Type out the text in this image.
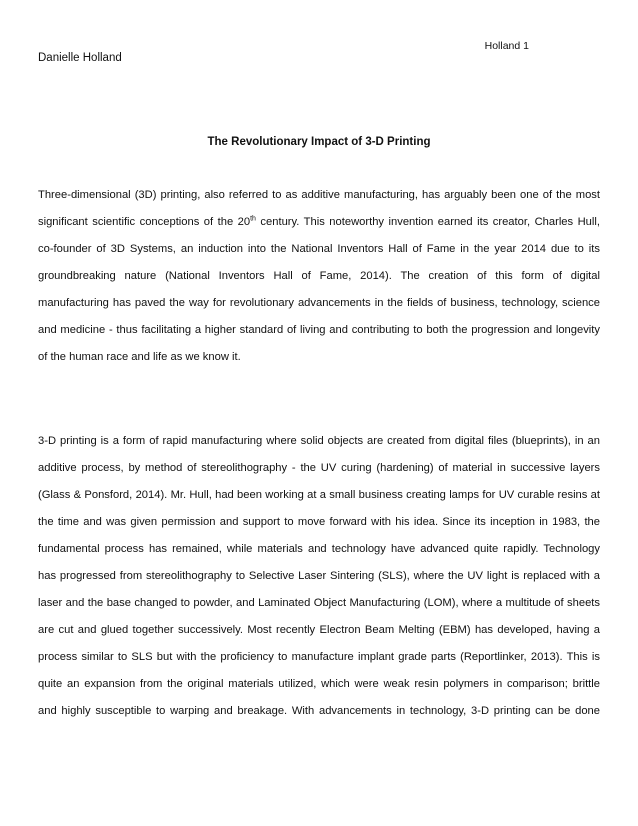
Holland 1
Danielle Holland
The Revolutionary Impact of 3-D Printing
Three-dimensional (3D) printing, also referred to as additive manufacturing, has arguably been one of the most
significant scientific conceptions of the 20th century. This noteworthy invention earned its creator, Charles Hull,
co-founder of 3D Systems, an induction into the National Inventors Hall of Fame in the year 2014 due to its
groundbreaking nature (National Inventors Hall of Fame, 2014). The creation of this form of digital
manufacturing has paved the way for revolutionary advancements in the fields of business, technology, science
and medicine - thus facilitating a higher standard of living and contributing to both the progression and longevity
of the human race and life as we know it.
3-D printing is a form of rapid manufacturing where solid objects are created from digital files (blueprints), in an
additive process, by method of stereolithography - the UV curing (hardening) of material in successive layers
(Glass & Ponsford, 2014). Mr. Hull, had been working at a small business creating lamps for UV curable resins at
the time and was given permission and support to move forward with his idea. Since its inception in 1983, the
fundamental process has remained, while materials and technology have advanced quite rapidly. Technology
has progressed from stereolithography to Selective Laser Sintering (SLS), where the UV light is replaced with a
laser and the base changed to powder, and Laminated Object Manufacturing (LOM), where a multitude of sheets
are cut and glued together successively. Most recently Electron Beam Melting (EBM) has developed, having a
process similar to SLS but with the proficiency to manufacture implant grade parts (Reportlinker, 2013). This is
quite an expansion from the original materials utilized, which were weak resin polymers in comparison; brittle
and highly susceptible to warping and breakage. With advancements in technology, 3-D printing can be done
